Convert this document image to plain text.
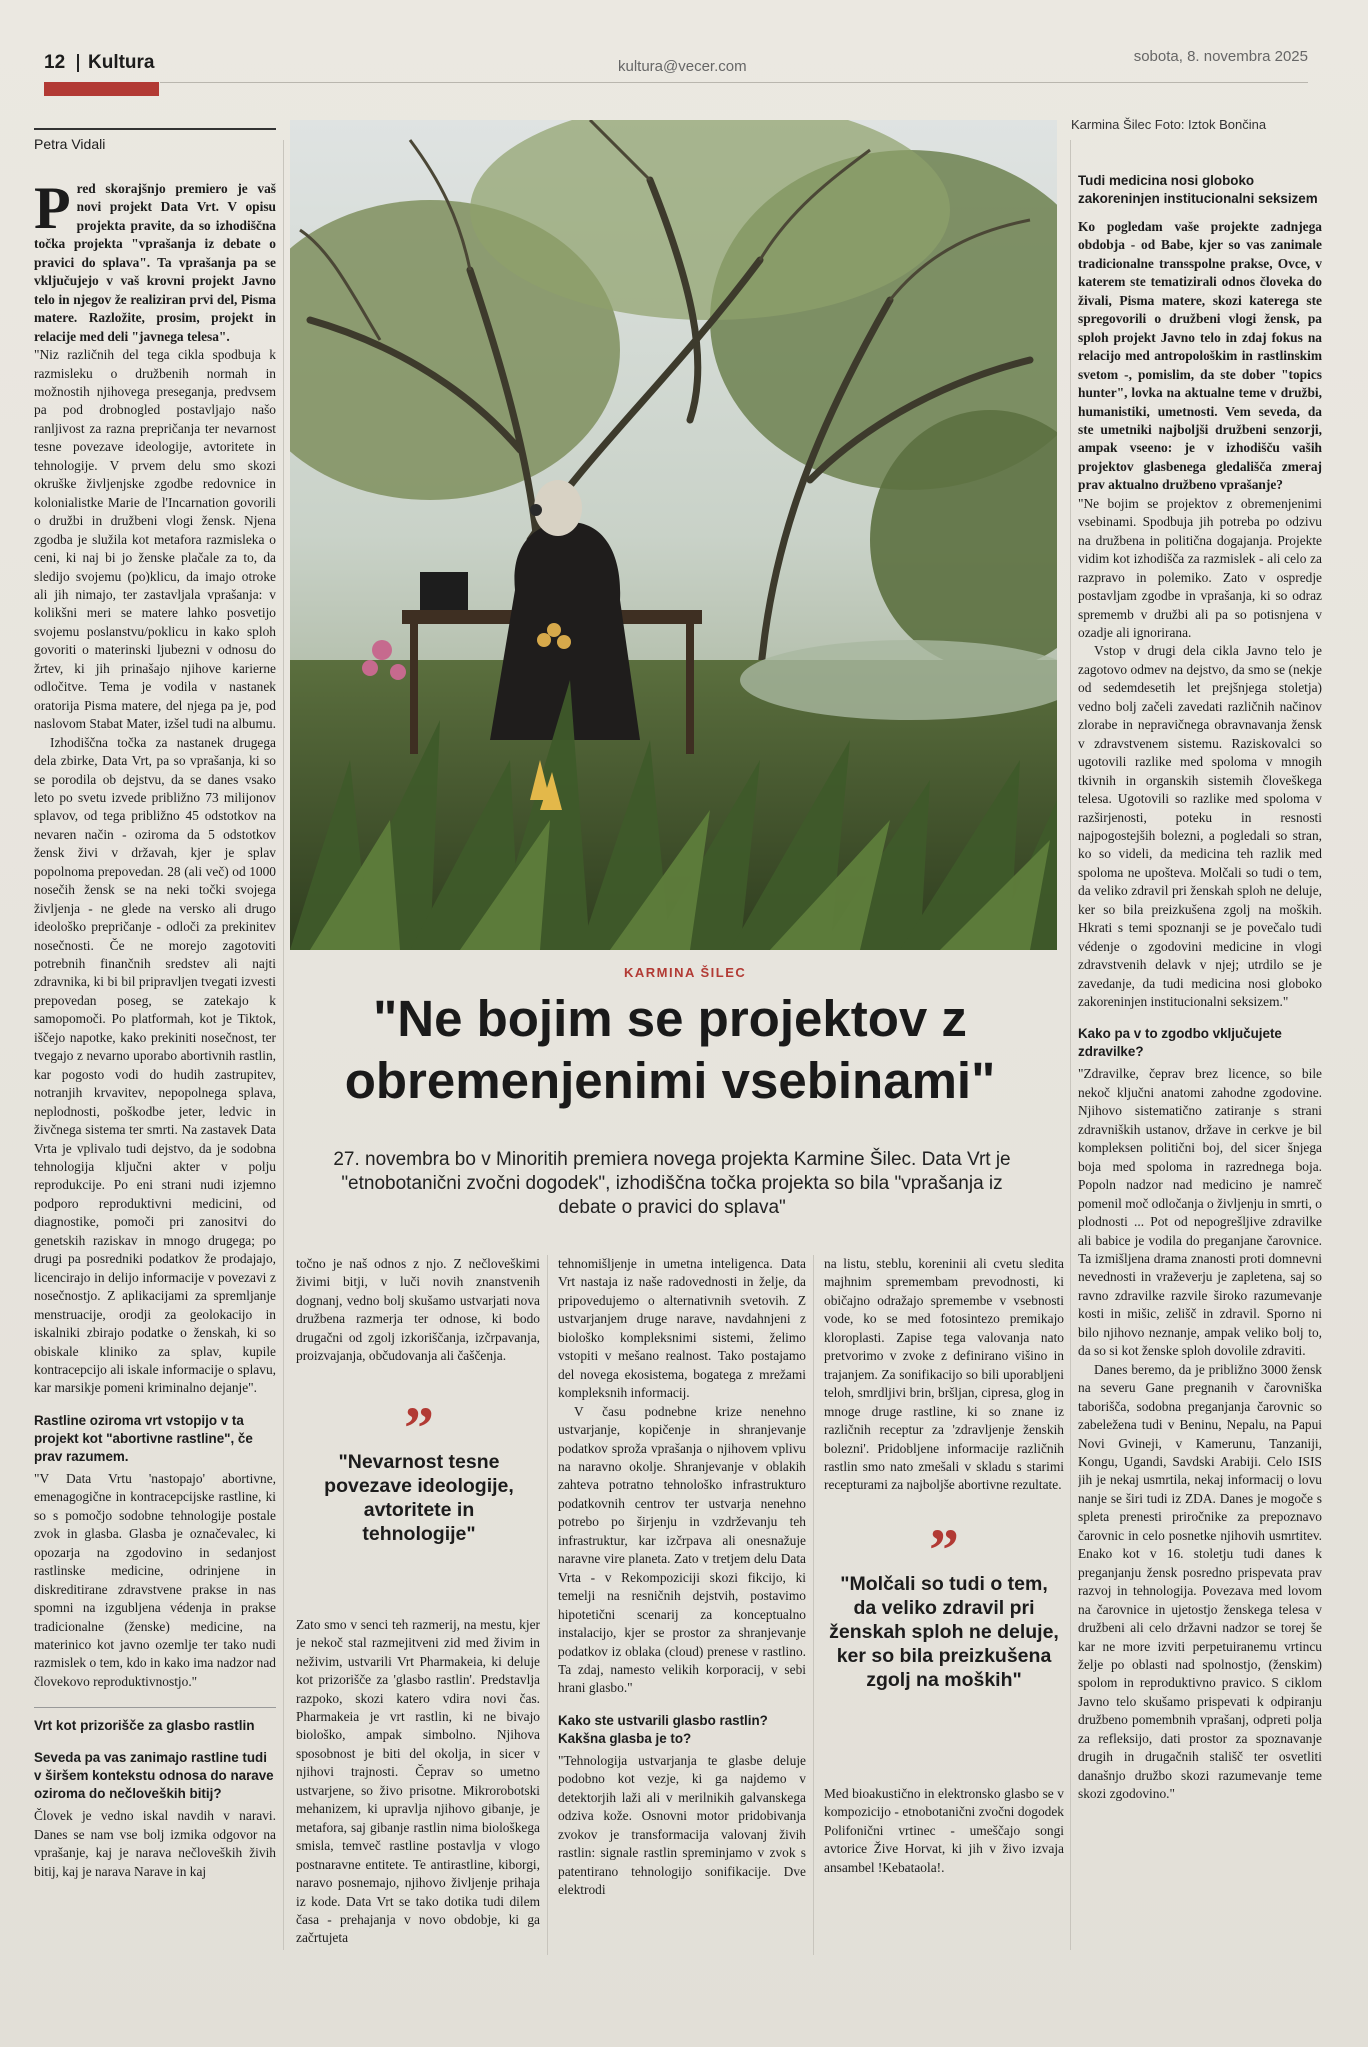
12 Kultura	kultura@vecer.com
sobota, 8. novembra 2025
Petra Vidali
Karmina Šilec Foto: Iztok Bončina

Pred skorajšnjo premiero je vaš novi projekt Data Vrt. V opisu projekta pravite, da so izhodiščna točka projekta "vprašanja iz debate o pravici do splava". Ta vprašanja pa se vključujejo v vaš krovni projekt Javno telo in njegov že realiziran prvi del, Pisma matere. Razložite, prosim, projekt in relacije med deli "javnega telesa".

"Niz različnih del tega cikla spodbuja k razmisleku o družbenih normah in možnostih njihovega preseganja, predvsem pa pod drobnogled postavljajo našo ranljivost za razna prepričanja ter nevarnost tesne povezave ideologije, avtoritete in tehnologije. V prvem delu smo skozi okruške življenjske zgodbe redovnice in kolonialistke Marie de l'Incarnation govorili o družbi in družbeni vlogi žensk. Njena zgodba je služila kot metafora razmisleka o ceni, ki naj bi jo ženske plačale za to, da sledijo svojemu (po)klicu, da imajo otroke ali jih nimajo, ter zastavljala vprašanja: v kolikšni meri se matere lahko posvetijo svojemu poslanstvu/poklicu in kako sploh govoriti o materinski ljubezni v odnosu do žrtev, ki jih prinašajo njihove karierne odločitve. Tema je vodila v nastanek oratorija Pisma matere, del njega pa je, pod naslovom Stabat Mater, izšel tudi na albumu.

Izhodiščna točka za nastanek drugega dela zbirke, Data Vrt, pa so vprašanja, ki so se porodila ob dejstvu, da se danes vsako leto po svetu izvede približno 73 milijonov splavov, od tega približno 45 odstotkov na nevaren način - oziroma da 5 odstotkov žensk živi v državah, kjer je splav popolnoma prepovedan. 28 (ali več) od 1000 nosečih žensk se na neki točki svojega življenja - ne glede na versko ali drugo ideološko prepričanje - odloči za prekinitev nosečnosti. Če ne morejo zagotoviti potrebnih finančnih sredstev ali najti zdravnika, ki bi bil pripravljen tvegati izvesti prepovedan poseg, se zatekajo k samopomoči. Po platformah, kot je Tiktok, iščejo napotke, kako prekiniti nosečnost, ter tvegajo z nevarno uporabo abortivnih rastlin, kar pogosto vodi do hudih zastrupitev, notranjih krvavitev, nepopolnega splava, neplodnosti, poškodbe jeter, ledvic in živčnega sistema ter smrti. Na zastavek Data Vrta je vplivalo tudi dejstvo, da je sodobna tehnologija ključni akter v polju reprodukcije. Po eni strani nudi izjemno podporo reproduktivni medicini, od diagnostike, pomoči pri zanositvi do genetskih raziskav in mnogo drugega; po drugi pa posredniki podatkov že prodajajo, licencirajo in delijo informacije v povezavi z nosečnostjo. Z aplikacijami za spremljanje menstruacije, orodji za geolokacijo in iskalniki zbirajo podatke o ženskah, ki so obiskale kliniko za splav, kupile kontracepcijo ali iskale informacije o splavu, kar marsikje pomeni kriminalno dejanje".

Rastline oziroma vrt vstopijo v ta projekt kot "abortivne rastline", če prav razumem.

"V Data Vrtu 'nastopajo' abortivne, emenagogične in kontracepcijske rastline, ki so s pomočjo sodobne tehnologije postale zvok in glasba. Glasba je označevalec, ki opozarja na zgodovino in sedanjost rastlinske medicine, odrinjene in diskreditirane zdravstvene prakse in nas spomni na izgubljena védenja in prakse tradicionalne (ženske) medicine, na materinico kot javno ozemlje ter tako nudi razmislek o tem, kdo in kako ima nadzor nad človekovo reproduktivnostjo."

Vrt kot prizorišče za glasbo rastlin
Seveda pa vas zanimajo rastline tudi v širšem kontekstu odnosa do narave oziroma do nečloveških bitij?

Človek je vedno iskal navdih v naravi. Danes se nam vse bolj izmika odgovor na vprašanje, kaj je narava nečloveških živih bitij, kaj je narava Narave in kaj

KARMINA ŠILEC
"Ne bojim se projektov z obremenjenimi vsebinami"
27. novembra bo v Minoritih premiera novega projekta Karmine Šilec. Data Vrt je "etnobotanični zvočni dogodek", izhodiščna točka projekta so bila "vprašanja iz debate o pravici do splava"

točno je naš odnos z njo. Z nečloveškimi živimi bitji, v luči novih znanstvenih dognanj, vedno bolj skušamo ustvarjati nova družbena razmerja ter odnose, ki bodo drugačni od zgolj izkoriščanja, izčrpavanja, proizvajanja, občudovanja ali čaščenja.

Zato smo v senci teh razmerij, na mestu, kjer je nekoč stal razmejitveni zid med živim in neživim, ustvarili Vrt Pharmakeia, ki deluje kot prizorišče za 'glasbo rastlin'. Predstavlja razpoko, skozi katero vdira novi čas. Pharmakeia je vrt rastlin, ki ne bivajo biološko, ampak simbolno. Njihova sposobnost je biti del okolja, in sicer v njihovi trajnosti. Čeprav so umetno ustvarjene, so živo prisotne. Mikrorobotski mehanizem, ki upravlja njihovo gibanje, je metafora, saj gibanje rastlin nima biološkega smisla, temveč rastline postavlja v vlogo postnaravne entitete. Te antirastline, kiborgi, naravo posnemajo, njihovo življenje prihaja iz kode. Data Vrt se tako dotika tudi dilem časa - prehajanja v novo obdobje, ki ga začrtujeta

”
"Nevarnost tesne povezave ideologije, avtoritete in tehnologije"

tehnomišljenje in umetna inteligenca. Data Vrt nastaja iz naše radovednosti in želje, da pripovedujemo o alternativnih svetovih. Z ustvarjanjem druge narave, navdahnjeni z biološko kompleksnimi sistemi, želimo vstopiti v mešano realnost. Tako postajamo del novega ekosistema, bogatega z mrežami kompleksnih informacij.

V času podnebne krize nenehno ustvarjanje, kopičenje in shranjevanje podatkov sproža vprašanja o njihovem vplivu na naravno okolje. Shranjevanje v oblakih zahteva potratno tehnološko infrastrukturo podatkovnih centrov ter ustvarja nenehno potrebo po širjenju in vzdrževanju teh infrastruktur, kar izčrpava ali onesnažuje naravne vire planeta. Zato v tretjem delu Data Vrta - v Rekompoziciji skozi fikcijo, ki temelji na resničnih dejstvih, postavimo hipotetični scenarij za konceptualno instalacijo, kjer se prostor za shranjevanje podatkov iz oblaka (cloud) prenese v rastlino. Ta zdaj, namesto velikih korporacij, v sebi hrani glasbo."

Kako ste ustvarili glasbo rastlin? Kakšna glasba je to?

"Tehnologija ustvarjanja te glasbe deluje podobno kot vezje, ki ga najdemo v detektorjih laži ali v merilnikih galvanskega odziva kože. Osnovni motor pridobivanja zvokov je transformacija valovanj živih rastlin: signale rastlin spreminjamo v zvok s patentirano tehnologijo sonifikacije. Dve elektrodi

na listu, steblu, koreninii ali cvetu sledita majhnim spremembam prevodnosti, ki običajno odražajo spremembe v vsebnosti vode, ko se med fotosintezo premikajo kloroplasti. Zapise tega valovanja nato pretvorimo v zvoke z definirano višino in trajanjem. Za sonifikacijo so bili uporabljeni teloh, smrdljivi brin, bršljan, cipresa, glog in mnoge druge rastline, ki so znane iz različnih receptur za 'zdravljenje ženskih bolezni'. Pridobljene informacije različnih rastlin smo nato zmešali v skladu s starimi recepturami za najboljše abortivne rezultate.

Med bioakustično in elektronsko glasbo se v kompozicijo - etnobotanični zvočni dogodek Polifonični vrtinec - umeščajo songi avtorice Žive Horvat, ki jih v živo izvaja ansambel !Kebataola!.

”
"Molčali so tudi o tem, da veliko zdravil pri ženskah sploh ne deluje, ker so bila preizkušena zgolj na moških"
Tudi medicina nosi globoko zakoreninjen institucionalni seksizem

Ko pogledam vaše projekte zadnjega obdobja - od Babe, kjer so vas zanimale tradicionalne transspolne prakse, Ovce, v katerem ste tematizirali odnos človeka do živali, Pisma matere, skozi katerega ste spregovorili o družbeni vlogi žensk, pa sploh projekt Javno telo in zdaj fokus na relacijo med antropološkim in rastlinskim svetom -, pomislim, da ste dober "topics hunter", lovka na aktualne teme v družbi, humanistiki, umetnosti. Vem seveda, da ste umetniki najboljši družbeni senzorji, ampak vseeno: je v izhodišču vaših projektov glasbenega gledališča zmeraj prav aktualno družbeno vprašanje?

"Ne bojim se projektov z obremenjenimi vsebinami. Spodbuja jih potreba po odzivu na družbena in politična dogajanja. Projekte vidim kot izhodišča za razmislek - ali celo za razpravo in polemiko. Zato v ospredje postavljam zgodbe in vprašanja, ki so odraz sprememb v družbi ali pa so potisnjena v ozadje ali ignorirana.

Vstop v drugi dela cikla Javno telo je zagotovo odmev na dejstvo, da smo se (nekje od sedemdesetih let prejšnjega stoletja) vedno bolj začeli zavedati različnih načinov zlorabe in nepravičnega obravnavanja žensk v zdravstvenem sistemu. Raziskovalci so ugotovili razlike med spoloma v mnogih tkivnih in organskih sistemih človeškega telesa. Ugotovili so razlike med spoloma v razširjenosti, poteku in resnosti najpogostejših bolezni, a pogledali so stran, ko so videli, da medicina teh razlik med spoloma ne upošteva. Molčali so tudi o tem, da veliko zdravil pri ženskah sploh ne deluje, ker so bila preizkušena zgolj na moških. Hkrati s temi spoznanji se je povečalo tudi védenje o zgodovini medicine in vlogi zdravstvenih delavk v njej; utrdilo se je zavedanje, da tudi medicina nosi globoko zakoreninjen institucionalni seksizem."

Kako pa v to zgodbo vključujete zdravilke?

"Zdravilke, čeprav brez licence, so bile nekoč ključni anatomi zahodne zgodovine. Njihovo sistematično zatiranje s strani zdravniških ustanov, države in cerkve je bil kompleksen politični boj, del sicer šnjega boja med spoloma in razrednega boja. Popoln nadzor nad medicino je namreč pomenil moč odločanja o življenju in smrti, o plodnosti ... Pot od nepogrešljive zdravilke ali babice je vodila do preganjane čarovnice. Ta izmišljena drama znanosti proti domnevni nevednosti in vraževerju je zapletena, saj so ravno zdravilke razvile široko razumevanje kosti in mišic, zelišč in zdravil. Sporno ni bilo njihovo neznanje, ampak veliko bolj to, da so si kot ženske sploh dovolile zdraviti.

Danes beremo, da je približno 3000 žensk na severu Gane pregnanih v čarovniška taborišča, sodobna preganjanja čarovnic so zabeležena tudi v Beninu, Nepalu, na Papui Novi Gvineji, v Kamerunu, Tanzaniji, Kongu, Ugandi, Savdski Arabiji. Celo ISIS jih je nekaj usmrtila, nekaj informacij o lovu nanje se širi tudi iz ZDA. Danes je mogoče s spleta prenesti priročnike za prepoznavo čarovnic in celo posnetke njihovih usmrtitev. Enako kot v 16. stoletju tudi danes k preganjanju žensk posredno prispevata prav razvoj in tehnologija. Povezava med lovom na čarovnice in ujetostjo ženskega telesa v družbeni ali celo državni nadzor se torej še kar ne more izviti perpetuiranemu vrtincu želje po oblasti nad spolnostjo, (ženskim) spolom in reproduktivno pravico. S ciklom Javno telo skušamo prispevati k odpiranju družbeno pomembnih vprašanj, odpreti polja za refleksijo, dati prostor za spoznavanje drugih in drugačnih stališč ter osvetliti današnjo družbo skozi razumevanje teme skozi zgodovino."
